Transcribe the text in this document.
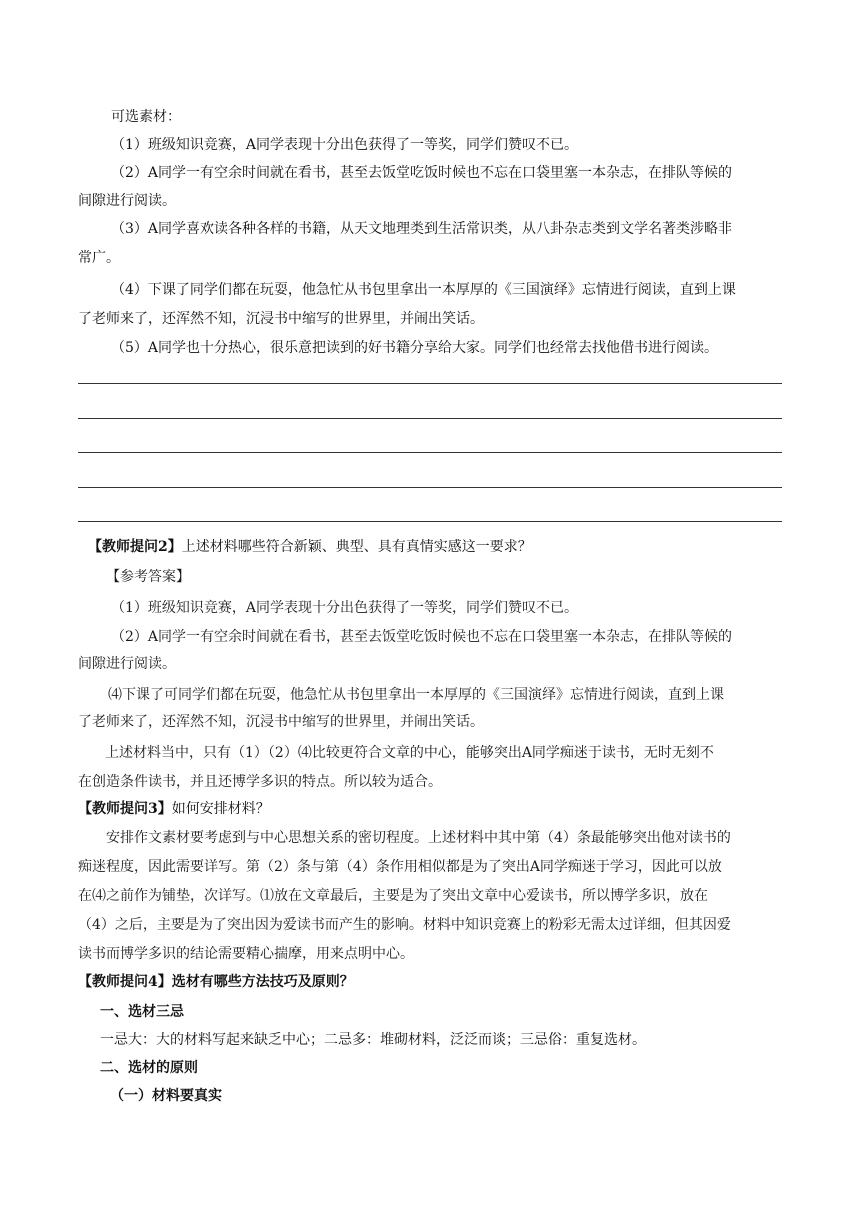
可选素材：
（1）班级知识竞赛，A同学表现十分出色获得了一等奖，同学们赞叹不已。
（2）A同学一有空余时间就在看书，甚至去饭堂吃饭时候也不忘在口袋里塞一本杂志，在排队等候的
间隙进行阅读。
（3）A同学喜欢读各种各样的书籍，从天文地理类到生活常识类，从八卦杂志类到文学名著类涉略非
常广。
（4）下课了同学们都在玩耍，他急忙从书包里拿出一本厚厚的《三国演绎》忘情进行阅读，直到上课
了老师来了，还浑然不知，沉浸书中缩写的世界里，并闹出笑话。
（5）A同学也十分热心，很乐意把读到的好书籍分享给大家。同学们也经常去找他借书进行阅读。
【教师提问2】上述材料哪些符合新颖、典型、具有真情实感这一要求？
【参考答案】
（1）班级知识竞赛，A同学表现十分出色获得了一等奖，同学们赞叹不已。
（2）A同学一有空余时间就在看书，甚至去饭堂吃饭时候也不忘在口袋里塞一本杂志，在排队等候的
间隙进行阅读。
⑷下课了可同学们都在玩耍，他急忙从书包里拿出一本厚厚的《三国演绎》忘情进行阅读，直到上课
了老师来了，还浑然不知，沉浸书中缩写的世界里，并闹出笑话。
上述材料当中，只有（1）（2）⑷比较更符合文章的中心，能够突出A同学痴迷于读书，无时无刻不
在创造条件读书，并且还博学多识的特点。所以较为适合。
【教师提问3】如何安排材料？
安排作文素材要考虑到与中心思想关系的密切程度。上述材料中其中第（4）条最能够突出他对读书的
痴迷程度，因此需要详写。第（2）条与第（4）条作用相似都是为了突出A同学痴迷于学习，因此可以放
在⑷之前作为铺垫，次详写。⑴放在文章最后，主要是为了突出文章中心爱读书，所以博学多识，放在
（4）之后，主要是为了突出因为爱读书而产生的影响。材料中知识竞赛上的粉彩无需太过详细，但其因爱
读书而博学多识的结论需要精心揣摩，用来点明中心。
【教师提问4】选材有哪些方法技巧及原则？
一、选材三忌
一忌大：大的材料写起来缺乏中心；二忌多：堆砌材料，泛泛而谈；三忌俗：重复选材。
二、选材的原则
（一）材料要真实
